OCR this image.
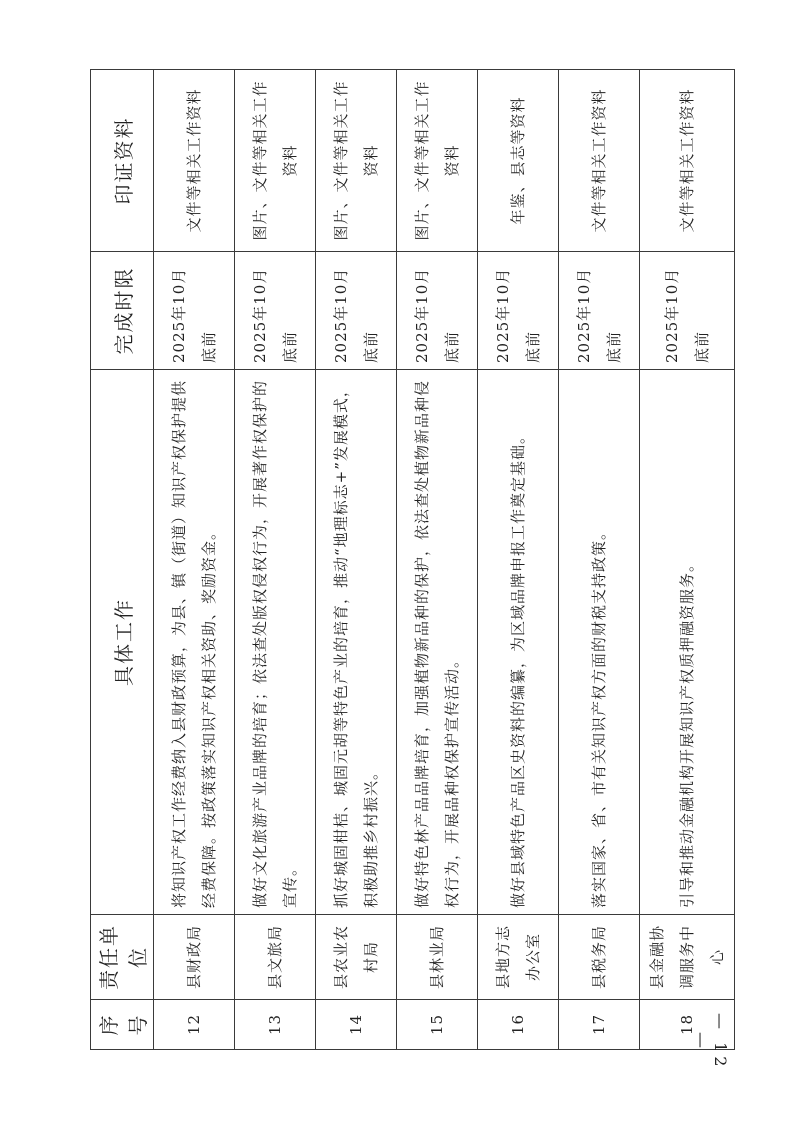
序号	责任单位	具体工作	完成时限	印证资料
12	县财政局	将知识产权工作经费纳入县财政预算，为县、镇（街道）知识产权保护提供经费保障。按政策落实知识产权相关资助、奖励资金。	2025年10月底前	文件等相关工作资料
13	县文旅局	做好文化旅游产业品牌的培育；依法查处版权侵权行为，开展著作权保护的宣传。	2025年10月底前	图片、文件等相关工作资料
14	县农业农村局	抓好城固柑桔、城固元胡等特色产业的培育，推动“地理标志+”发展模式，积极助推乡村振兴。	2025年10月底前	图片、文件等相关工作资料
15	县林业局	做好特色林产品品牌培育，加强植物新品种的保护，依法查处植物新品种侵权行为，开展品种权保护宣传活动。	2025年10月底前	图片、文件等相关工作资料
16	县地方志办公室	做好县域特色产品区史资料的编纂，为区域品牌申报工作奠定基础。	2025年10月底前	年鉴、县志等资料
17	县税务局	落实国家、省、市有关知识产权方面的财税支持政策。	2025年10月底前	文件等相关工作资料
18	县金融协调服务中心	引导和推动金融机构开展知识产权质押融资服务。	2025年10月底前	文件等相关工作资料
— 12 —
